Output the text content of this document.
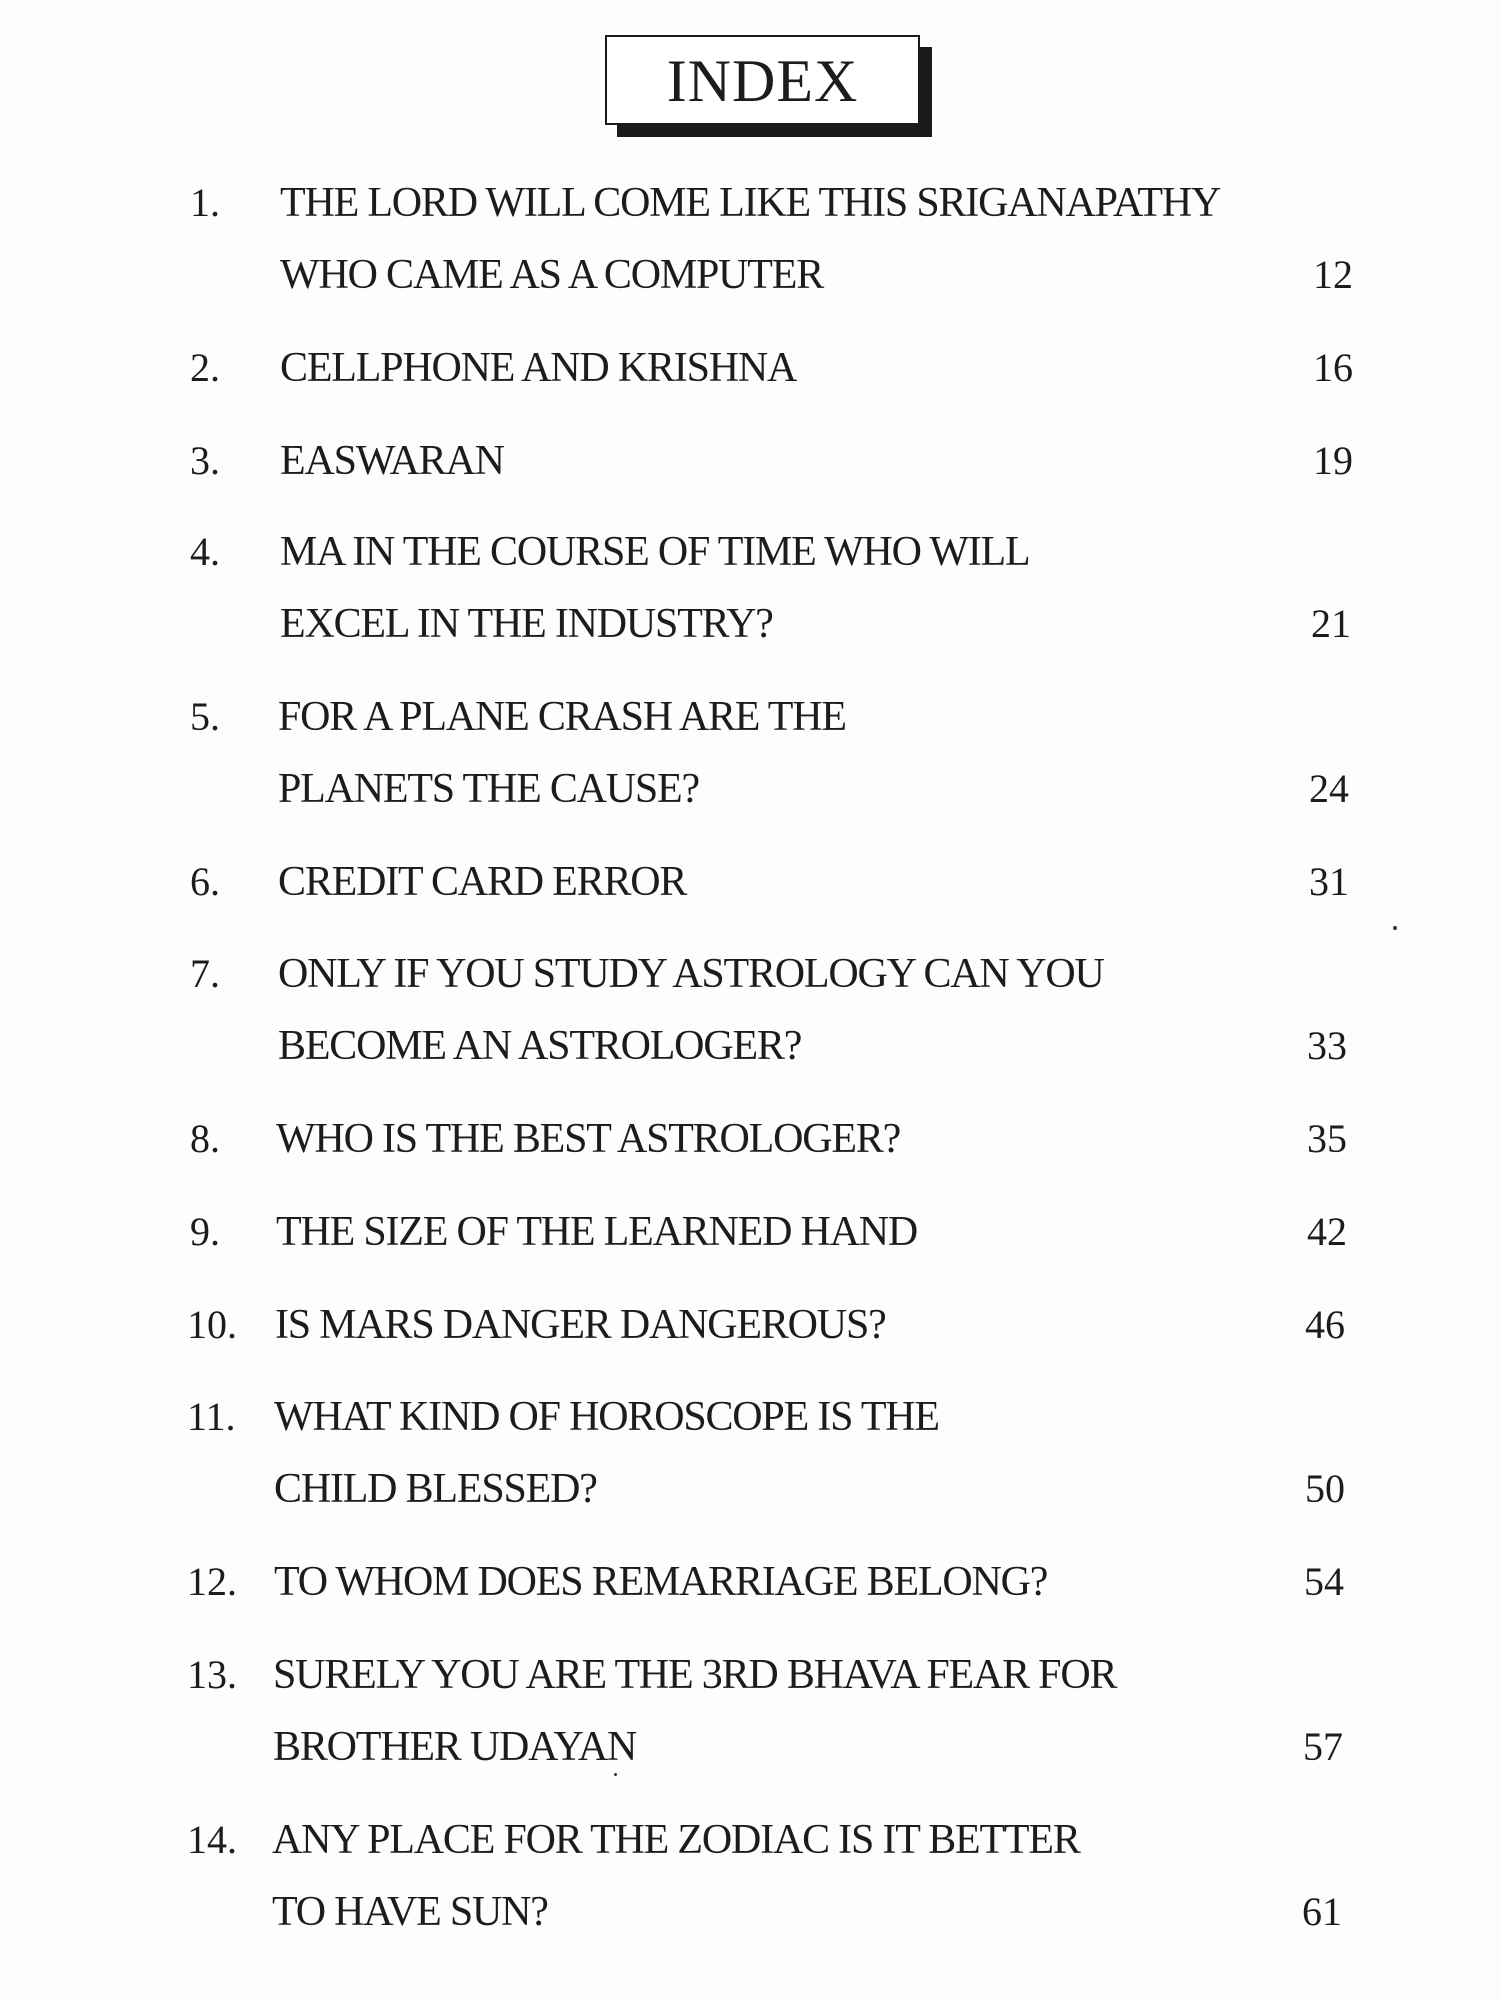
INDEX
1. THE LORD WILL COME LIKE THIS SRIGANAPATHY
WHO CAME AS A COMPUTER	12
2. CELLPHONE AND KRISHNA	16
3. EASWARAN	19
4. MA IN THE COURSE OF TIME WHO WILL
EXCEL IN THE INDUSTRY?	21
5. FOR A PLANE CRASH ARE THE
PLANETS THE CAUSE?	24
6. CREDIT CARD ERROR	31
7. ONLY IF YOU STUDY ASTROLOGY CAN YOU
BECOME AN ASTROLOGER?	33
8. WHO IS THE BEST ASTROLOGER?	35
9. THE SIZE OF THE LEARNED HAND	42
10. IS MARS DANGER DANGEROUS?	46
11. WHAT KIND OF HOROSCOPE IS THE
CHILD BLESSED?	50
12. TO WHOM DOES REMARRIAGE BELONG?	54
13. SURELY YOU ARE THE 3RD BHAVA FEAR FOR
BROTHER UDAYAN	57
14. ANY PLACE FOR THE ZODIAC IS IT BETTER
TO HAVE SUN?	61
